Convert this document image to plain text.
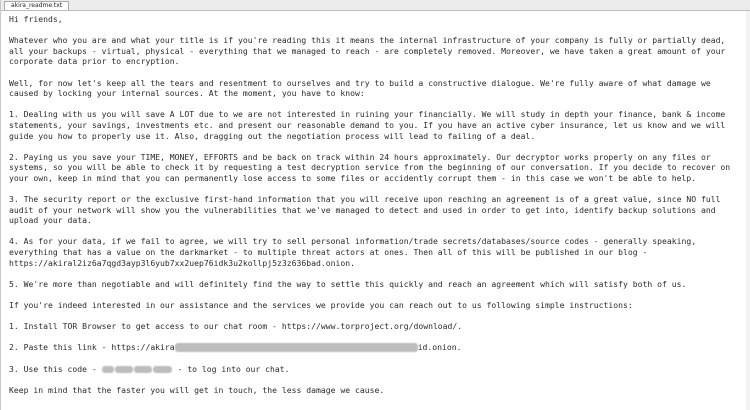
akira_readme.txt
Hi friends,
Whatever who you are and what your title is if you're reading this it means the internal infrastructure of your company is fully or partially dead,
all your backups - virtual, physical - everything that we managed to reach - are completely removed. Moreover, we have taken a great amount of your
corporate data prior to encryption.
Well, for now let's keep all the tears and resentment to ourselves and try to build a constructive dialogue. We're fully aware of what damage we
caused by locking your internal sources. At the moment, you have to know:
1. Dealing with us you will save A LOT due to we are not interested in ruining your financially. We will study in depth your finance, bank & income
statements, your savings, investments etc. and present our reasonable demand to you. If you have an active cyber insurance, let us know and we will
guide you how to properly use it. Also, dragging out the negotiation process will lead to failing of a deal.
2. Paying us you save your TIME, MONEY, EFFORTS and be back on track within 24 hours approximately. Our decryptor works properly on any files or
systems, so you will be able to check it by requesting a test decryption service from the beginning of our conversation. If you decide to recover on
your own, keep in mind that you can permanently lose access to some files or accidently corrupt them - in this case we won't be able to help.
3. The security report or the exclusive first-hand information that you will receive upon reaching an agreement is of a great value, since NO full
audit of your network will show you the vulnerabilities that we've managed to detect and used in order to get into, identify backup solutions and
upload your data.
4. As for your data, if we fail to agree, we will try to sell personal information/trade secrets/databases/source codes - generally speaking,
everything that has a value on the darkmarket - to multiple threat actors at ones. Then all of this will be published in our blog -
https://akiral2iz6a7qgd3ayp3l6yub7xx2uep76idk3u2kollpj5z3z636bad.onion.
5. We're more than negotiable and will definitely find the way to settle this quickly and reach an agreement which will satisfy both of us.
If you're indeed interested in our assistance and the services we provide you can reach out to us following simple instructions:
1. Install TOR Browser to get access to our chat room - https://www.torproject.org/download/.
2. Paste this link - https://akira	id.onion.
3. Use this code -	- to log into our chat.
Keep in mind that the faster you will get in touch, the less damage we cause.
